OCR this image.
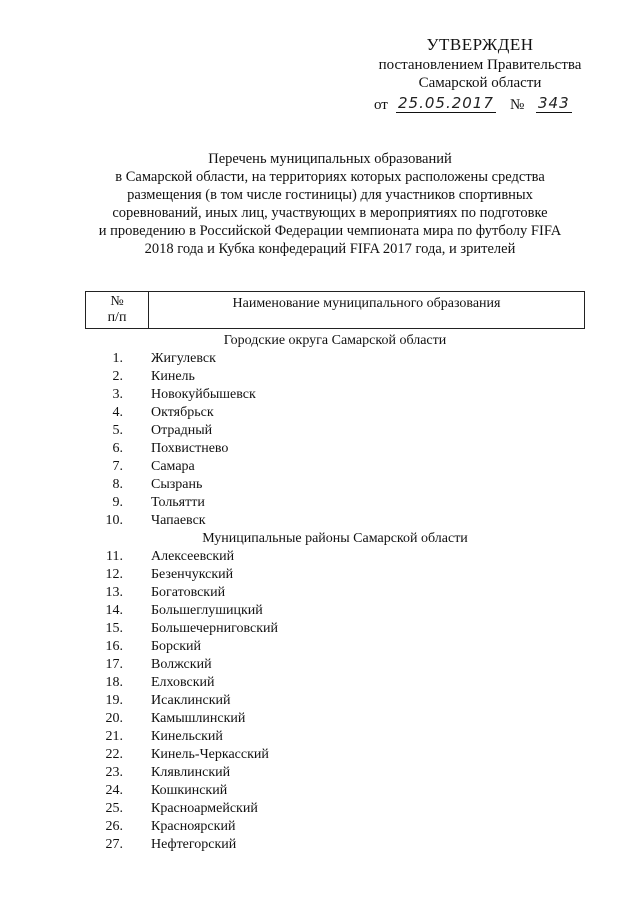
УТВЕРЖДЕН
постановлением Правительства
Самарской области
от 25.05.2017 № 343
Перечень муниципальных образований
в Самарской области, на территориях которых расположены средства
размещения (в том числе гостиницы) для участников спортивных
соревнований, иных лиц, участвующих в мероприятиях по подготовке
и проведению в Российской Федерации чемпионата мира по футболу FIFA
2018 года и Кубка конфедераций FIFA 2017 года, и зрителей
№
п/п
	Наименование муниципального образования
Городские округа Самарской области
1. Жигулевск
2. Кинель
3. Новокуйбышевск
4. Октябрьск
5. Отрадный
6. Похвистнево
7. Самара
8. Сызрань
9. Тольятти
10. Чапаевск
Муниципальные районы Самарской области
11. Алексеевский
12. Безенчукский
13. Богатовский
14. Большеглушицкий
15. Большечерниговский
16. Борский
17. Волжский
18. Елховский
19. Исаклинский
20. Камышлинский
21. Кинельский
22. Кинель-Черкасский
23. Клявлинский
24. Кошкинский
25. Красноармейский
26. Красноярский
27. Нефтегорский
